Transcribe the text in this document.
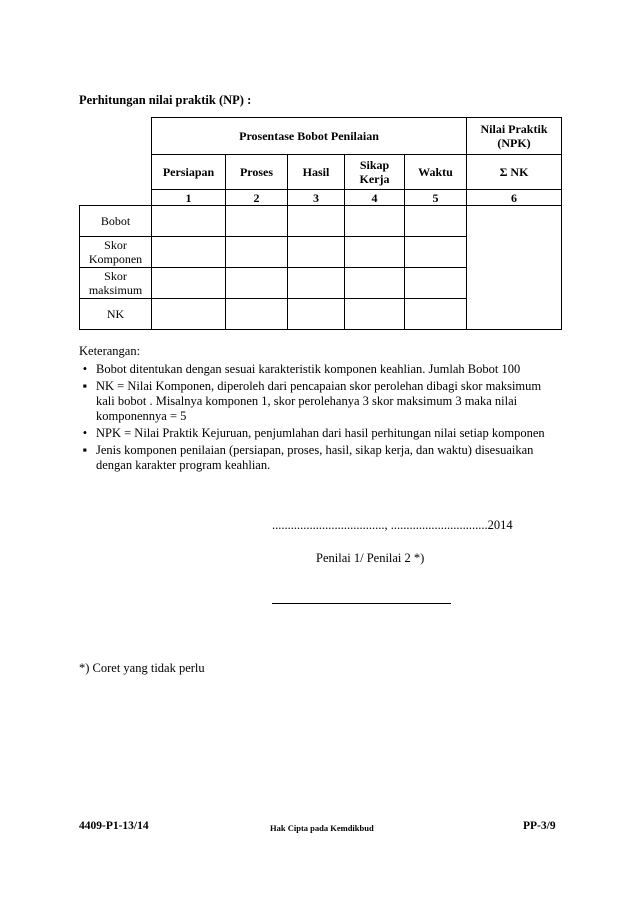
Perhitungan nilai praktik (NP) :
	Prosentase Bobot Penilaian					Nilai Praktik (NPK)
	Persiapan	Proses	Hasil	Sikap Kerja	Waktu	Σ NK
	1	2	3	4	5	6
Bobot						
Skor Komponen						
Skor maksimum						
NK						
Keterangan:
• Bobot ditentukan dengan sesuai karakteristik komponen keahlian. Jumlah Bobot 100
▪ NK = Nilai Komponen, diperoleh dari pencapaian skor perolehan dibagi skor maksimum kali bobot . Misalnya komponen 1, skor perolehanya 3 skor maksimum 3 maka nilai komponennya = 5
• NPK = Nilai Praktik Kejuruan, penjumlahan dari hasil perhitungan nilai setiap komponen
▪ Jenis komponen penilaian (persiapan, proses, hasil, sikap kerja, dan waktu) disesuaikan dengan karakter program keahlian.
...................................., ...............................2014
Penilai 1/ Penilai 2 *)
*) Coret yang tidak perlu
4409-P1-13/14	Hak Cipta pada Kemdikbud	PP-3/9
